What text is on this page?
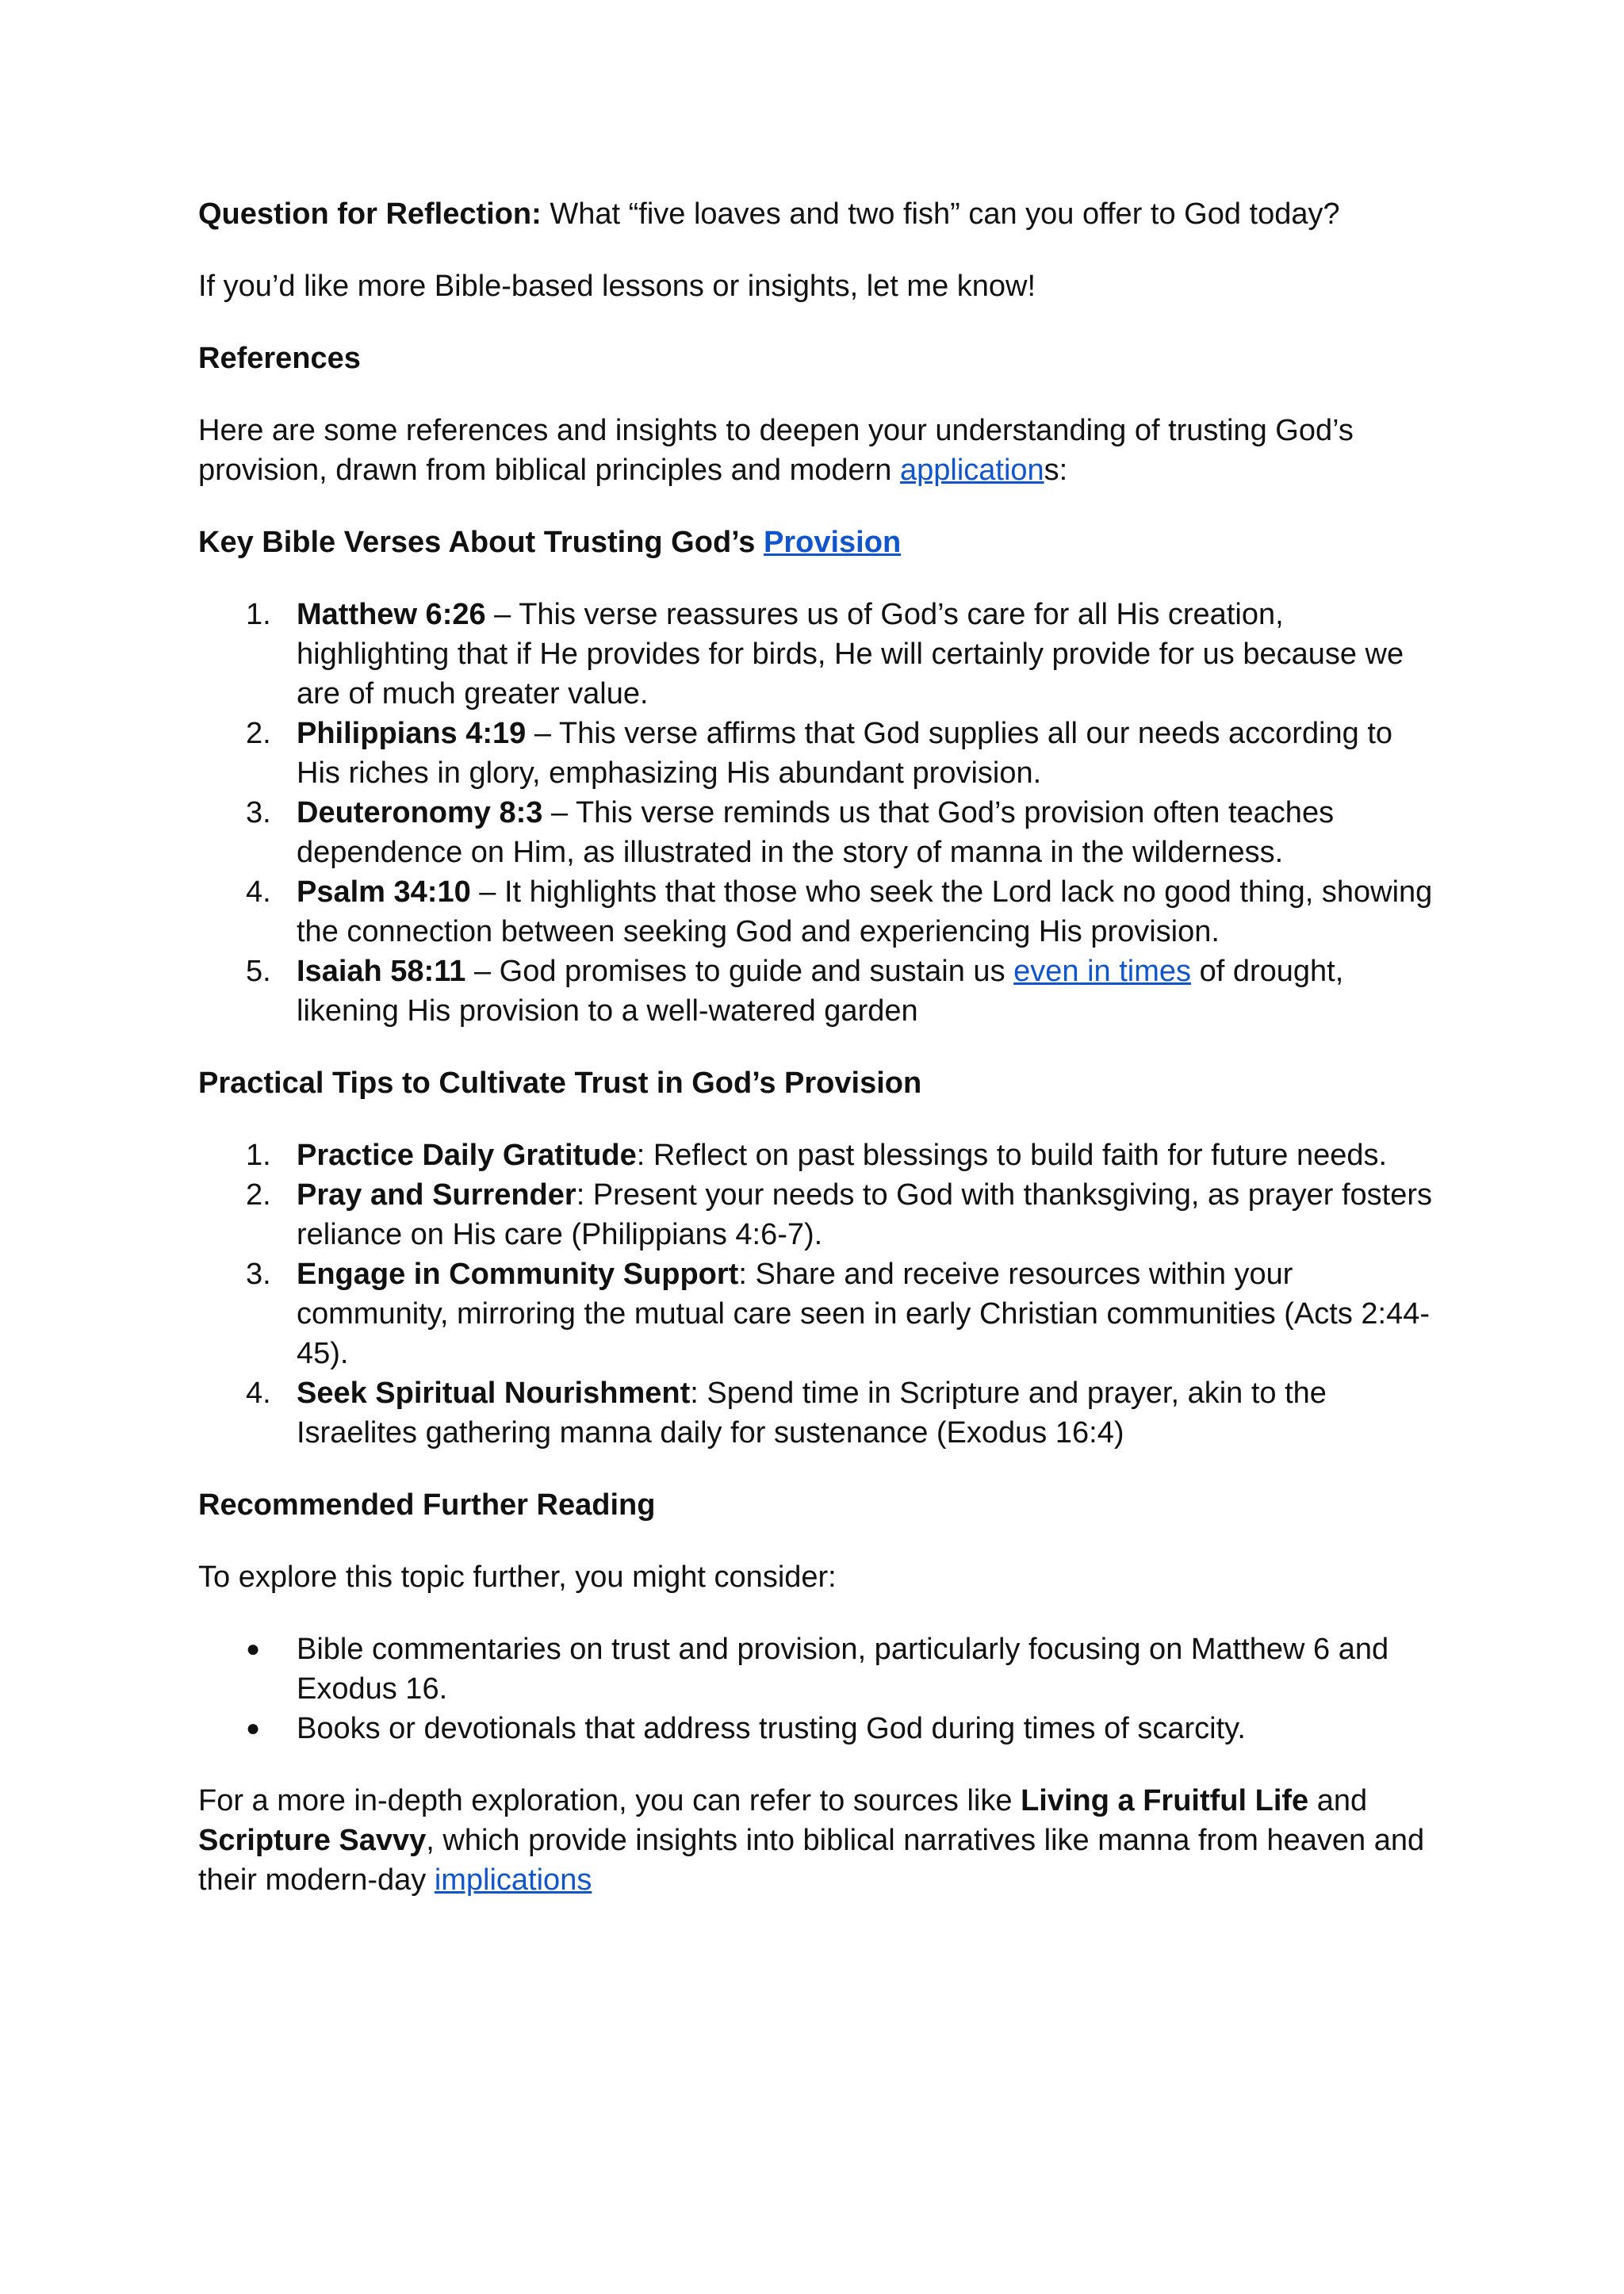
Question for Reflection: What “five loaves and two fish” can you offer to God today?

If you’d like more Bible-based lessons or insights, let me know!

References

Here are some references and insights to deepen your understanding of trusting God’s provision, drawn from biblical principles and modern applications:

Key Bible Verses About Trusting God’s Provision

1. Matthew 6:26 – This verse reassures us of God’s care for all His creation, highlighting that if He provides for birds, He will certainly provide for us because we are of much greater value.
2. Philippians 4:19 – This verse affirms that God supplies all our needs according to His riches in glory, emphasizing His abundant provision.
3. Deuteronomy 8:3 – This verse reminds us that God’s provision often teaches dependence on Him, as illustrated in the story of manna in the wilderness.
4. Psalm 34:10 – It highlights that those who seek the Lord lack no good thing, showing the connection between seeking God and experiencing His provision.
5. Isaiah 58:11 – God promises to guide and sustain us even in times of drought, likening His provision to a well-watered garden

Practical Tips to Cultivate Trust in God’s Provision

1. Practice Daily Gratitude: Reflect on past blessings to build faith for future needs.
2. Pray and Surrender: Present your needs to God with thanksgiving, as prayer fosters reliance on His care (Philippians 4:6-7).
3. Engage in Community Support: Share and receive resources within your community, mirroring the mutual care seen in early Christian communities (Acts 2:44-45).
4. Seek Spiritual Nourishment: Spend time in Scripture and prayer, akin to the Israelites gathering manna daily for sustenance (Exodus 16:4)

Recommended Further Reading

To explore this topic further, you might consider:

●	Bible commentaries on trust and provision, particularly focusing on Matthew 6 and Exodus 16.
●	Books or devotionals that address trusting God during times of scarcity.

For a more in-depth exploration, you can refer to sources like Living a Fruitful Life and Scripture Savvy, which provide insights into biblical narratives like manna from heaven and their modern-day implications
